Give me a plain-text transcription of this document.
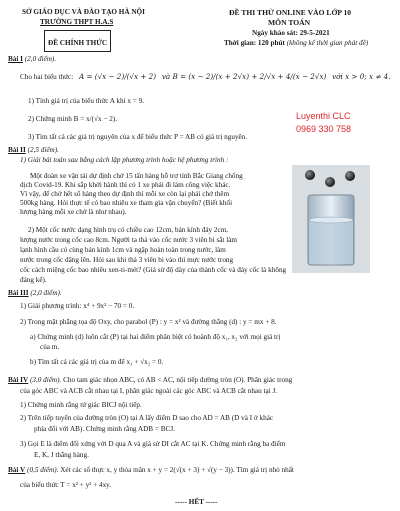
SỞ GIÁO DỤC VÀ ĐÀO TẠO HÀ NỘI
TRƯỜNG THPT H.A.S
ĐỀ CHÍNH THỨC
ĐỀ THI THỬ ONLINE VÀO LỚP 10
MÔN TOÁN
Ngày khảo sát: 29-5-2021
Thời gian: 120 phút (không kể thời gian phát đề)
Bài I (2,0 điểm).
Cho hai biểu thức: A = (√x − 2)/(√x + 2) và B = (x − 2)/(x + 2√x) + 2/√x + 4/(x − 2√x) với x > 0; x ≠ 4.
1) Tính giá trị của biểu thức A khi x = 9.
2) Chứng minh B = x/(√x − 2).
3) Tìm tất cả các giá trị nguyên của x để biểu thức P = AB có giá trị nguyên.
Luyenthi CLC
0969 330 758
Bài II (2,5 điểm).
1) Giải bài toán sau bằng cách lập phương trình hoặc hệ phương trình :
Một đoàn xe vận tải dự định chở 15 tấn hàng hỗ trợ tỉnh Bắc Giang chống
dịch Covid-19. Khi sắp khởi hành thì có 1 xe phải đi làm công việc khác.
Vì vậy, để chở hết số hàng theo dự định thì mỗi xe còn lại phải chở thêm
500kg hàng. Hỏi thực tế có bao nhiêu xe tham gia vận chuyển? (Biết khối
lượng hàng mỗi xe chở là như nhau).
2) Một cốc nước dạng hình trụ có chiều cao 12cm, bán kính đáy 2cm,
lượng nước trong cốc cao 8cm. Người ta thả vào cốc nước 3 viên bi sắt làm
lạnh hình cầu có cùng bán kính 1cm và ngập hoàn toàn trong nước, làm
nước trong cốc dâng lên. Hỏi sau khi thả 3 viên bi vào thì mực nước trong
cốc cách miệng cốc bao nhiêu xen-ti-mét? (Giả sử độ dày của thành cốc và đáy cốc là không
đáng kể).
Bài III (2,0 điểm).
1) Giải phương trình: x⁴ + 9x² − 70 = 0.
2) Trong mặt phẳng tọa độ Oxy, cho parabol (P) : y = x² và đường thẳng (d) : y = mx + 8.
a) Chứng minh (d) luôn cắt (P) tại hai điểm phân biệt có hoành độ x₁, x₂ với mọi giá trị
của m.
b) Tìm tất cả các giá trị của m để x₁ + √x₂ = 0.
Bài IV (3,0 điểm). Cho tam giác nhọn ABC, có AB < AC, nội tiếp đường tròn (O). Phân giác trong
của góc ABC và ACB cắt nhau tại I, phân giác ngoài các góc ABC và ACB cắt nhau tại J.
1) Chứng minh rằng tứ giác BICJ nội tiếp.
2) Trên tiếp tuyến của đường tròn (O) tại A lấy điểm D sao cho AD = AB (D và I ở khác
phía đối với AB). Chứng minh rằng ADB = BCJ.
3) Gọi E là điểm đối xứng với D qua A và giả sử DI cắt AC tại K. Chứng minh rằng ba điểm
E, K, J thẳng hàng.
Bài V (0,5 điểm). Xét các số thực x, y thỏa mãn x + y = 2(√(x + 3) + √(y − 3)). Tìm giá trị nhỏ nhất
của biểu thức T = x² + y² + 4xy.
----- HẾT -----
